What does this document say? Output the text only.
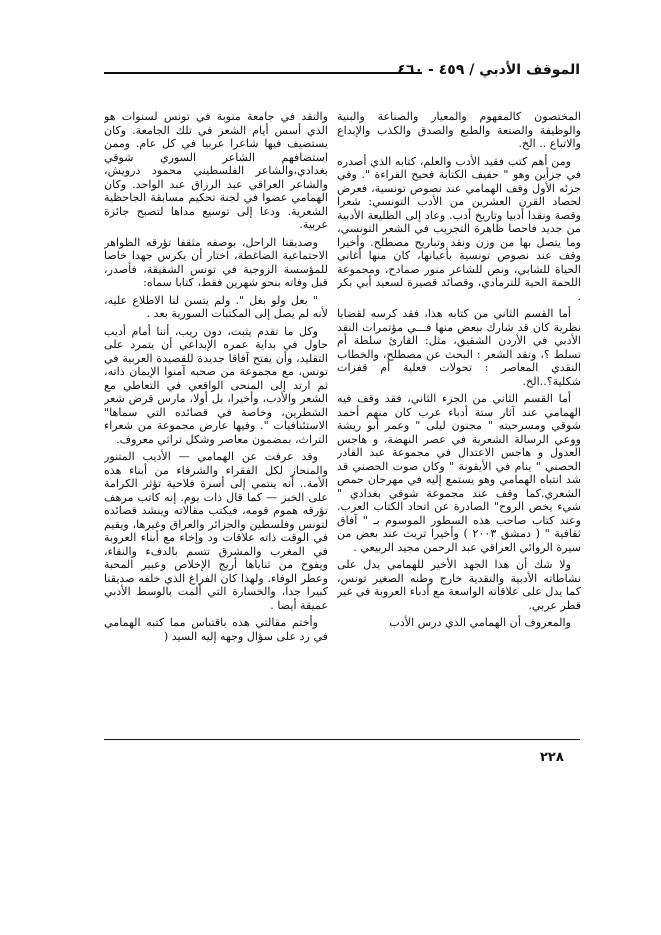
الموقف الأدبي / ٤٥٩ - ٤٦٠

المختصون كالمفهوم والمعيار والصناعة والبنية والوظيفة والصنعة والطبع والصدق والكذب والإبداع والاتباع .. الخ.

ومن أهم كتب فقيد الأدب والعلم، كتابه الذي أصدره في جزأين وهو " حفيف الكتابة فحيح القراءة ". وفي جزئه الأول وقف الهمامي عند نصوص تونسية، فعرض لحصاد القرن العشرين من الأدب التونسي: شعرا وقصة ونقدا أدبيا وتاريخ أدب. وعاد إلى الطليعة الأدبية من جديد فاحصا ظاهرة التجريب في الشعر التونسي، وما يتصل بها من وزن ونقد وتباريح مصطلح. وأخيرا وقف عند نصوص تونسية بأعيانها، كان منها أغاني الحياة للشابي، ونص للشاعر منور صمادح، ومجموعة اللحمة الحية للترمادي، وقصائد قصيرة لسعيد أبي بكر .

أما القسم الثاني من كتابه هذا، فقد كرسه لقضايا نظرية كان قد شارك ببعض منها فـــي مؤتمرات النقد الأدبي في الأردن الشقيق، مثل: القارئ سلطة أم تسلط ؟، ونقد الشعر : البحث عن مصطلح، والخطاب النقدي المعاصر : تحولات فعلية أم قفزات شكلية؟..الخ.

أما القسم الثاني من الجزء الثاني، فقد وقف فيه الهمامي عند آثار ستة أدباء عرب كان منهم أحمد شوقي ومسرحيته " مجنون ليلى " وعمر أبو ريشة ووعي الرسالة الشعرية في عصر النهضة، و هاجس العدول و هاجس الاعتدال في مجموعة عبد القادر الحصني " ينام في الأيقونة " وكان صوت الحصني قد شد انتباه الهمامي وهو يستمع إليه في مهرجان حمص الشعري.كما وقف عند مجموعة شوقي بغدادي " شيء يخص الروح" الصادرة عن اتحاد الكتاب العرب. وعند كتاب صاحب هذه السطور الموسوم بـ " آفاق ثقافية " ( دمشق ٢٠٠٣ ) وأخيرا تريث عند بعض من سيرة الروائي العراقي عبد الرحمن مجيد الربيعي .

ولا شك أن هذا الجهد الأخير للهمامي يدل على نشاطاته الأدبية والنقدية خارج وطنه الصغير تونس، كما يدل على علاقاته الواسعة مع أدباء العروبة في غير قطر عربي.

والمعروف أن الهمامي الذي درس الأدب

والنقد في جامعة منوبة في تونس لسنوات هو الذي أسس أيام الشعر في تلك الجامعة. وكان يستضيف فيها شاعرا عربيا في كل عام. وممن استضافهم الشاعر السوري شوقي بغدادي،والشاعر الفلسطيني محمود درويش، والشاعر العراقي عبد الرزاق عبد الواحد. وكان الهمامي عضوا في لجنة تحكيم مسابقة الجاحظية الشعرية. ودعا إلى توسيع مداها لتصبح جائزة عربية.

وصديقنا الراحل، بوصفه مثقفا تؤرقه الظواهر الاجتماعية الضاغطة، اختار أن يكرس جهدا خاصا للمؤسسة الزوجية في تونس الشقيقة، فأصدر، قبل وفاته بنحو شهرين فقط، كتابا سماه:

" بعل ولو بغل ". ولم يتسن لنا الاطلاع عليه، لأنه لم يصل إلى المكتبات السورية بعد .

وكل ما تقدم يثبت، دون ريب، أننا أمام أديب حاول في بداية عمره الإبداعي أن يتمرد على التقليد، وأن يفتح آفاقا جديدة للقصيدة العربية في تونس، مع مجموعة من صحبه آمنوا الإيمان ذاته، ثم ارتد إلى المنحى الواقعي في التعاطي مع الشعر والأدب، وأخيرا، بل أولا، مارس قرض شعر الشطرين، وخاصة في قصائده التي سماها" الاستئنافيات ". وفيها عارض مجموعة من شعراء التراث، بمضمون معاصر وشكل تراثي معروف.

وقد عرفت عن الهمامي — الأديب المتنور والمنحاز لكل الفقراء والشرفاء من أبناء هذه الأمة.. أنه ينتمي إلى أسرة فلاحية تؤثر الكرامة على الخبز — كما قال ذات يوم. إنه كاتب مرهف تؤرقه هموم قومه، فيكتب مقالاته وينشد قصائده لتونس وفلسطين والجزائر والعراق وغيرها، ويقيم في الوقت ذاته علاقات ود وإخاء مع أبناء العروبة في المغرب والمشرق تتسم بالدفء والنقاء، ويفوح من ثناياها أريج الإخلاص وعبير المحبة وعطر الوفاء. ولهذا كان الفراغ الذي خلفه صديقنا كبيرا جدا، والخسارة التي ألمت بالوسط الأدبي عميقة أيضا .

وأختم مقالتي هذه باقتباس مما كتبه الهمامي في رد على سؤال وجهه إليه السيد (

٢٢٨
